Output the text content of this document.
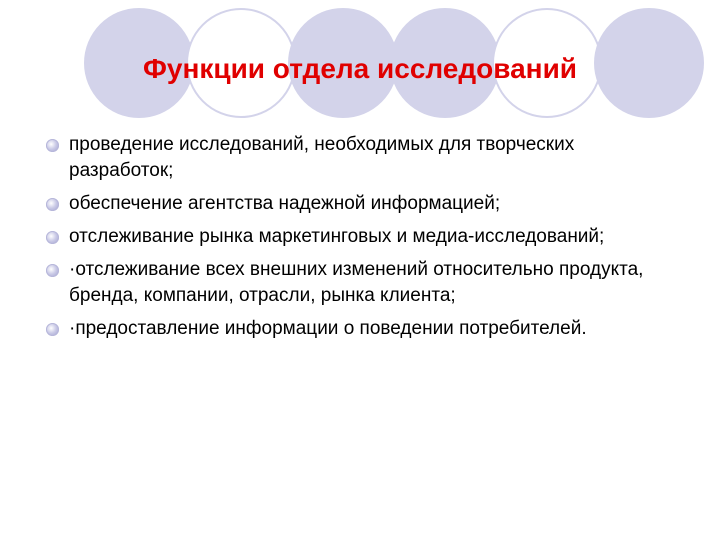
Функции отдела исследований
проведение исследований, необходимых для творческих разработок;
обеспечение агентства надежной информацией;
отслеживание рынка маркетинговых и медиа-исследований;
·отслеживание всех внешних изменений относительно продукта, бренда, компании, отрасли, рынка клиента;
·предоставление информации о поведении потребителей.
